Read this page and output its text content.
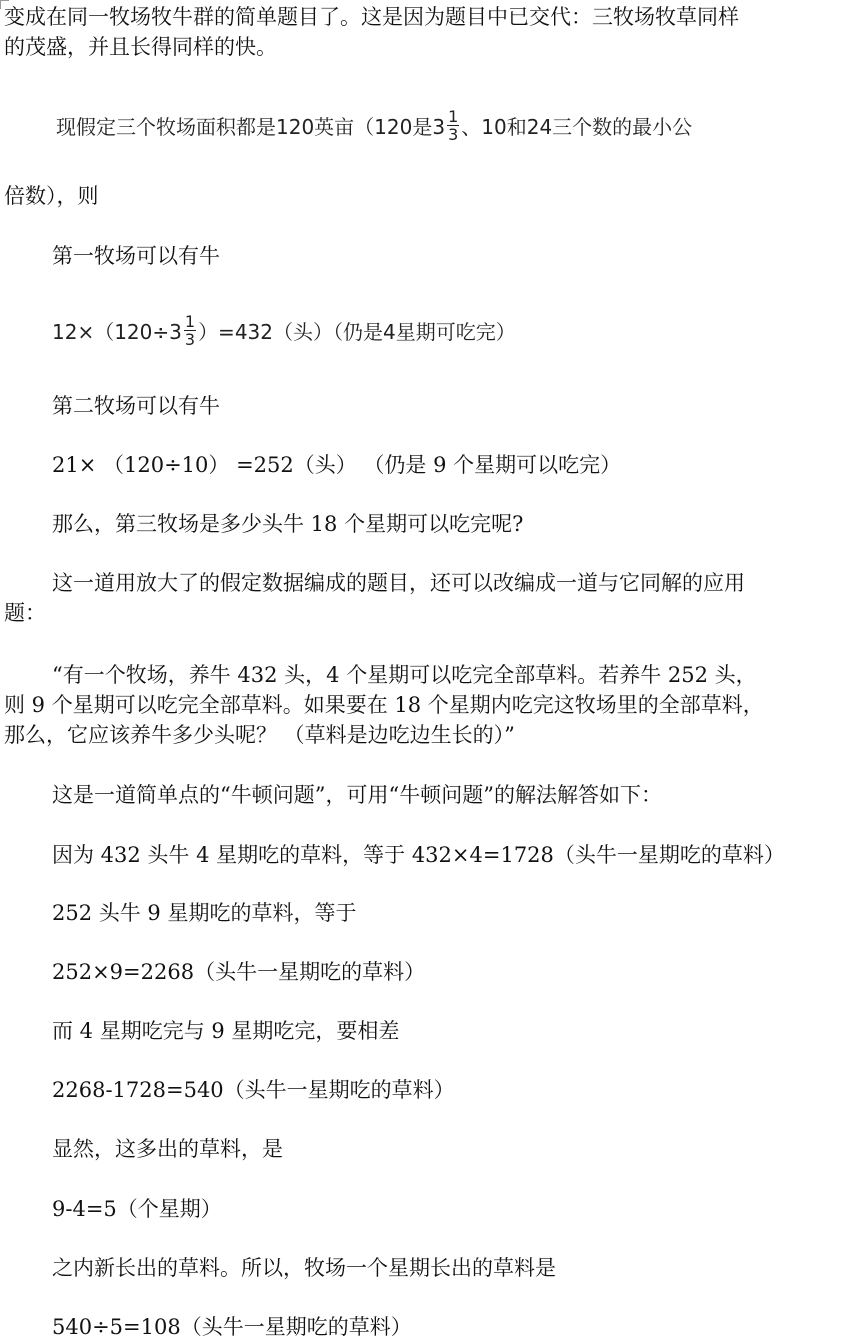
变成在同一牧场牧牛群的简单题目了。这是因为题目中已交代：三牧场牧草同样
的茂盛，并且长得同样的快。
现假定三个牧场面积都是120英亩（120是$3 \frac{1}{3}$ 、10和24三个数的最小公
倍数），则
第一牧场可以有牛
$12\times(120\div 3 \frac{1}{3} )=432$（头）（仍是4星期可吃完）
第二牧场可以有牛
21× （120÷10） =252（头） （仍是 9 个星期可以吃完）
那么，第三牧场是多少头牛 18 个星期可以吃完呢?
这一道用放大了的假定数据编成的题目，还可以改编成一道与它同解的应用
题：
“有一个牧场，养牛 432 头，4 个星期可以吃完全部草料。若养牛 252 头，
则 9 个星期可以吃完全部草料。如果要在 18 个星期内吃完这牧场里的全部草料，
那么，它应该养牛多少头呢？ （草料是边吃边生长的）”
这是一道简单点的“牛顿问题”，可用“牛顿问题”的解法解答如下：
因为 432 头牛 4 星期吃的草料，等于 432×4=1728（头牛一星期吃的草料）
252 头牛 9 星期吃的草料，等于
252×9=2268（头牛一星期吃的草料）
而 4 星期吃完与 9 星期吃完，要相差
2268-1728=540（头牛一星期吃的草料）
显然，这多出的草料，是
9-4=5（个星期）
之内新长出的草料。所以，牧场一个星期长出的草料是
540÷5=108（头牛一星期吃的草料）
